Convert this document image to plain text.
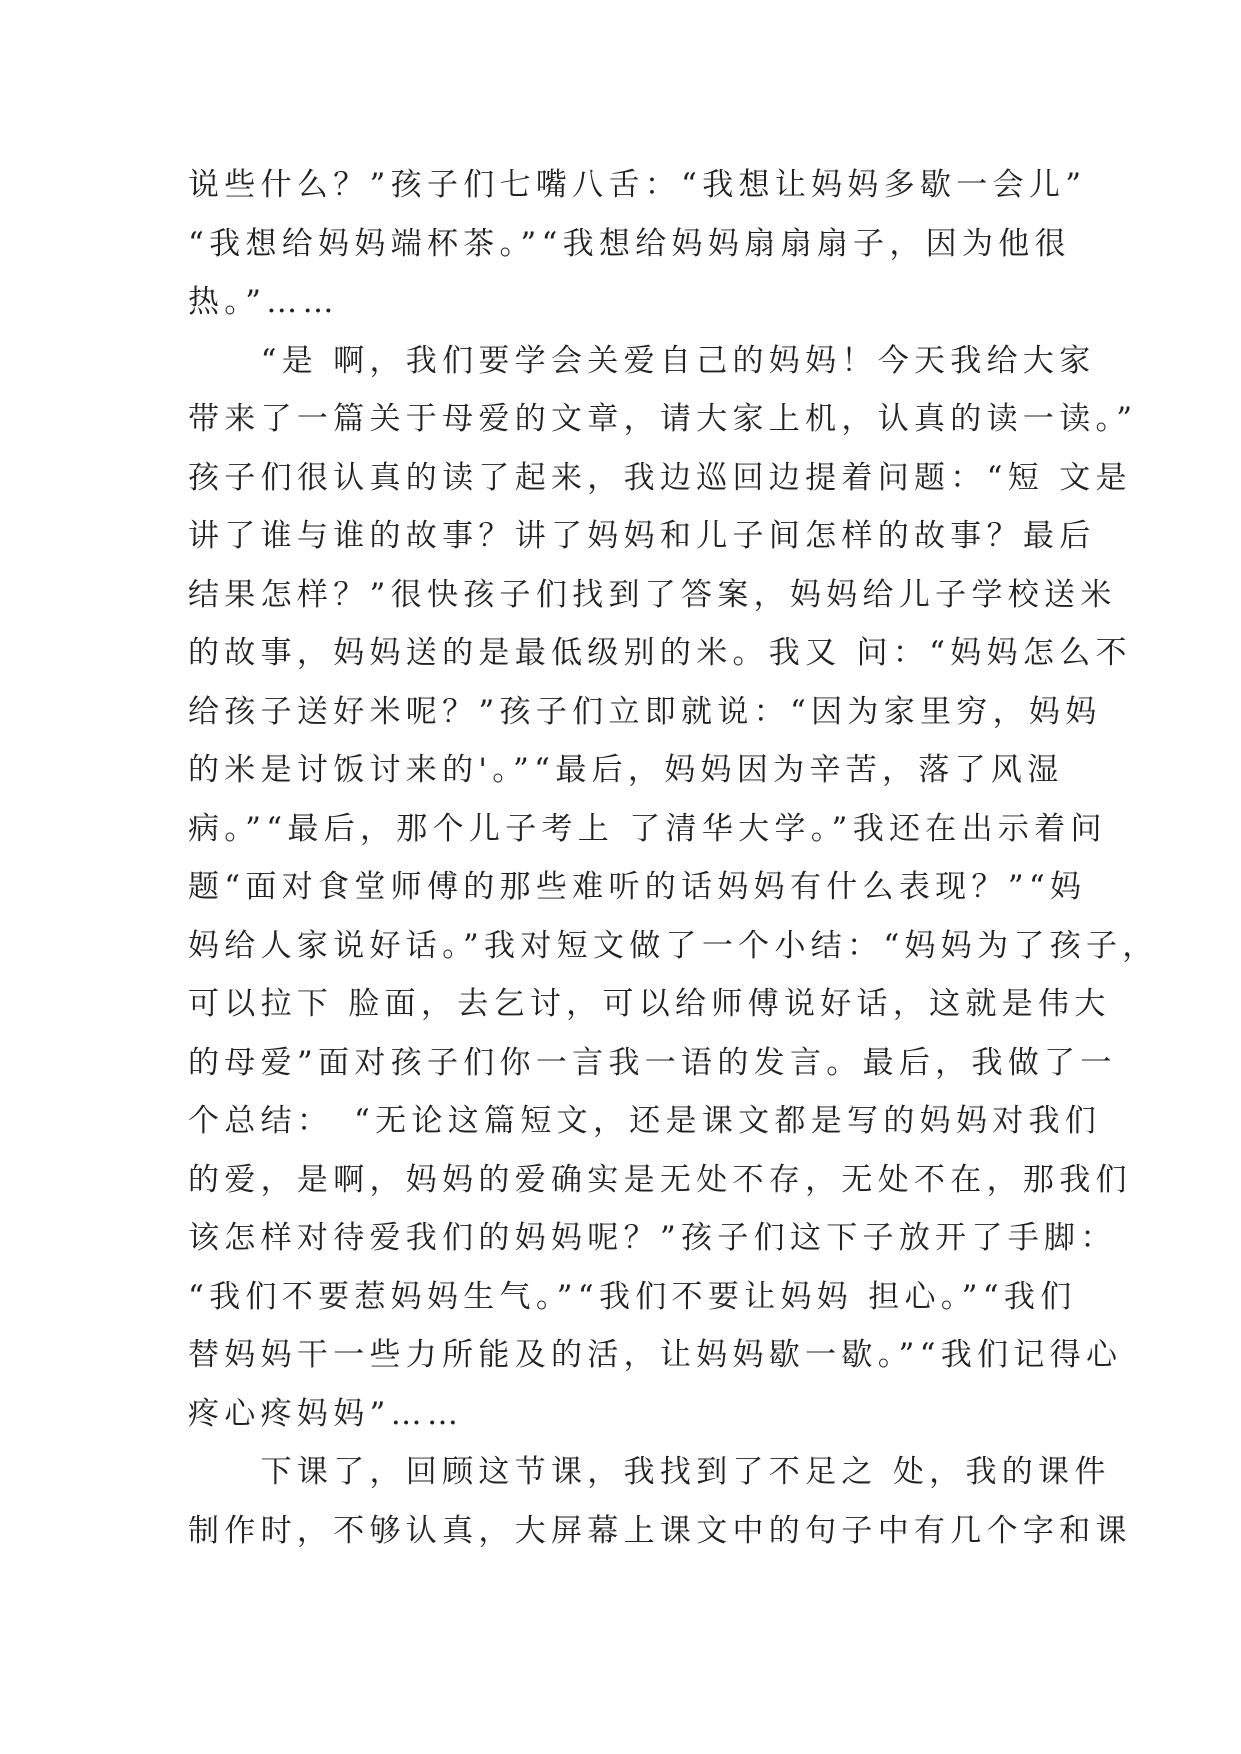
说些什么？”孩子们七嘴八舌：“我想让妈妈多歇一会儿”
“我想给妈妈端杯茶。”“我想给妈妈扇扇扇子，因为他很
热。”……
　　“是 啊，我们要学会关爱自己的妈妈！今天我给大家
带来了一篇关于母爱的文章，请大家上机，认真的读一读。”
孩子们很认真的读了起来，我边巡回边提着问题：“短 文是
讲了谁与谁的故事？讲了妈妈和儿子间怎样的故事？最后
结果怎样？”很快孩子们找到了答案，妈妈给儿子学校送米
的故事，妈妈送的是最低级别的米。我又 问：“妈妈怎么不
给孩子送好米呢？”孩子们立即就说：“因为家里穷，妈妈
的米是讨饭讨来的'。”“最后，妈妈因为辛苦，落了风湿
病。”“最后，那个儿子考上 了清华大学。”我还在出示着问
题“面对食堂师傅的那些难听的话妈妈有什么表现？”“妈
妈给人家说好话。”我对短文做了一个小结：“妈妈为了孩子，
可以拉下 脸面，去乞讨，可以给师傅说好话，这就是伟大
的母爱”面对孩子们你一言我一语的发言。最后，我做了一
个总结：　“无论这篇短文，还是课文都是写的妈妈对我们
的爱，是啊，妈妈的爱确实是无处不存，无处不在，那我们
该怎样对待爱我们的妈妈呢？”孩子们这下子放开了手脚：
“我们不要惹妈妈生气。”“我们不要让妈妈 担心。”“我们
替妈妈干一些力所能及的活，让妈妈歇一歇。”“我们记得心
疼心疼妈妈”……
　　下课了，回顾这节课，我找到了不足之 处，我的课件
制作时，不够认真，大屏幕上课文中的句子中有几个字和课
